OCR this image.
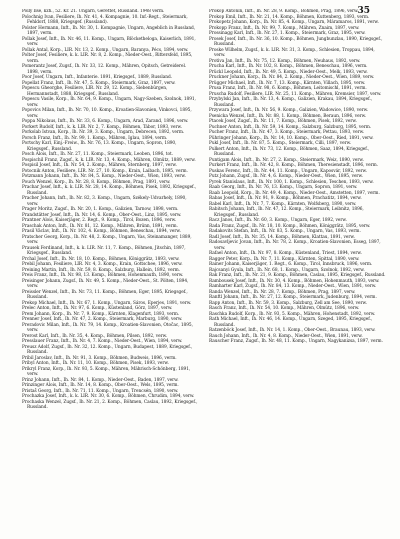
35

Polly Ilse, kzh., 52. Kr. 21. Ungarn, Gerettet, Russland. 1948 verm.

Polochnig Ivan, Fesiliere, Ih. Nr. 41, 4. Kompagnie, 10. Inf.-Regt., Steiermark, Fehldorf, 1888, Kriegsgef. (Russland).

Polster Hermann, Inft., Ih. Nr. 30, 1. Kompagnie, Ungarn, Angeblich in Russland, 1897, verm.

Pollak Josef, Inft., Ih. Nr. 46, 11. Komp., Ungarn, Blöcketheloga, Kaiserlich, 1891, verw.

Pollak Antal, Korp., LIR. Nr. 13, 2. Komp., Ungarn, Baranya, Pécs, 1894, verw.

Polter Josef, Fesiliere, k. k. LIR. Nr. 8, 2. Komp., Nieder-Oest., Rittersfeld, 1895, verm.

Pomerantz Josef, Zugsf., Ih. Nr. 33, 12. Komp., Mähren, Opitsch, Getreiderel. 1898, verm.

Poor Josef, Ungarn, Inft., Infanterie. 1891, Kriegsgef., 1889, Russland.

Popellat Franz, Inft., Ih. Nr. 47, 5. Komp., Steiermark, Graz, 1897, verw.

Popescu Gheorghe, Fesiliere, LIR. Nr. 29, 12. Komp., Siebenbürgen, Hermannstadt, 1888, Kriegsgef., Russland.

Popescu Vasile, Korp., Ih. Nr. 64, 9. Komp., Ungarn, Nagy-Szeben, Szolnok, 1891, verw.

Popovics Milan, Inft., Ih. Nr. 70, 10. Komp., Kroatien-Slavonien, Vinkovci, 1895, verw.

Poppa Nikolaus, Inft., Ih. Nr. 33, 6. Komp., Ungarn, Arad, Zarand, 1896, verw.

Porkert Rudolf, Inft., k. k. LIR. Nr. 2, 7. Komp., Böhmen, Tábor, 1893, verw.

Porkolab Istvan, Korp., Ih. Nr. 39, 3. Komp., Ungarn, Debrecen, 1892, verm.

Porsch Franz, Inft., Ih. Nr. 99, 1. Komp., Mähren, Iglau, 1894, verm.

Portschy Karl, Einj.-Freiw., Ih. Nr. 76, 13. Komp., Ungarn, Sopron, 1890, Kriegsgef., Russland.

Posch Alois, Inft., Ih. Nr. 27, 11. Komp., Steiermark, Leoben, 1896, tot.

Pospischil Franz, Zugsf., k. k. LIR. Nr. 13, 4. Komp., Mähren, Olmütz, 1889, verw.

Pospisil Josef, Inft., Ih. Nr. 54, 2. Komp., Mähren, Sternberg, 1897, verw.

Potocnik Anton, Fesiliere, LIR. Nr. 27, 10. Komp., Krain, Laibach, 1895, verm.

Potzmann Johann, Inft., Ih. Nr. 84, 5. Komp., Nieder-Oest., Wien, 1893, verw.

Pouch Wenzel, Korp., Ih. Nr. 28, 8. Komp., Böhmen, Prag, 1891, verw.

Prachar Josef, Inft., k. k. LIR. Nr. 28, 14. Komp., Böhmen, Pisek, 1892, Kriegsgef., Russland.

Pracher Johann, Inft., Ih. Nr. 82, 3. Komp., Ungarn, Székely-Udvarhely, 1890, verw.

Prager Moritz, Zugsf., Ih. Nr. 20, 1. Komp., Galizien, Tarnow, 1898, verm.

Prandstätter Josef, Inft., Ih. Nr. 14, 6. Komp., Ober-Oest., Linz, 1895, verw.

Prantner Alois, Kaiserjäger, 2. Regt., 9. Komp., Tirol, Bozen, 1896, verw.

Praschak Anton, Inft., Ih. Nr. 81, 12. Komp., Mähren, Brünn, 1891, verm.

Prasil Václav, Inft., Ih. Nr. 102, 4. Komp., Böhmen, Beneschau, 1894, verw.

Pratscher Georg, Korp., Ih. Nr. 48, 2. Komp., Ungarn, Vas, Steinamanger, 1889, verw.

Prausek Ferdinand, Inft., k. k. LIR. Nr. 11, 7. Komp., Böhmen, Jitschin, 1897, Kriegsgef., Russland.

Prchal Josef, Inft., Ih. Nr. 18, 10. Komp., Böhmen, Königgrätz, 1893, verw.

Prebil Johann, Fesiliere, LIR. Nr. 4, 3. Komp., Krain, Gottschee, 1896, verw.

Preining Martin, Inft., Ih. Nr. 59, 8. Komp., Salzburg, Hallein, 1892, verm.

Preis Franz, Inft., Ih. Nr. 98, 13. Komp., Böhmen, Hohenmauth, 1890, verw.

Preisinger Johann, Zugsf., Ih. Nr. 49, 5. Komp., Nieder-Oest., St. Pölten, 1894, verw.

Preissler Wenzel, Inft., Ih. Nr. 73, 11. Komp., Böhmen, Eger, 1895, Kriegsgef., Russland.

Prekop Michael, Inft., Ih. Nr. 67, 1. Komp., Ungarn, Sáros, Eperjes, 1891, verw.

Prelec Anton, Inft., Ih. Nr. 97, 6. Komp., Küstenland, Görz, 1897, verw.

Prem Johann, Korp., Ih. Nr. 7, 9. Komp., Kärnten, Klagenfurt, 1893, verm.

Prenner Josef, Inft., Ih. Nr. 47, 2. Komp., Steiermark, Marburg, 1890, verw.

Preradovic Milan, Inft., Ih. Nr. 79, 14. Komp., Kroatien-Slavonien, Otočac, 1895, verw.

Prerost Karl, Inft., Ih. Nr. 35, 4. Komp., Böhmen, Pilsen, 1892, verw.

Presslauer Franz, Inft., Ih. Nr. 4, 7. Komp., Nieder-Oest., Wien, 1894, verw.

Preusz Adolf, Zugsf., Ih. Nr. 32, 12. Komp., Ungarn, Budapest, 1889, Kriegsgef., Russland.

Pribil Jaroslav, Inft., Ih. Nr. 91, 3. Komp., Böhmen, Budweis, 1896, verm.

Pribyl Anton, Inft., Ih. Nr. 11, 10. Komp., Böhmen, Pisek, 1893, verw.

Prikryl Franz, Korp., Ih. Nr. 93, 5. Komp., Mähren, Mährisch-Schönberg, 1891, verw.

Prinz Johann, Inft., Ih. Nr. 84, 1. Komp., Nieder-Oest., Baden, 1897, verw.

Prinzinger Alois, Inft., Ih. Nr. 14, 8. Komp., Ober-Oest., Wels, 1895, verm.

Pristaš Georg, Inft., Ih. Nr. 71, 11. Komp., Ungarn, Trencsén, 1890, verw.

Prochazka Josef, Inft., k. k. LIR. Nr. 30, 6. Komp., Böhmen, Chrudim, 1894, verw.

Prochaska Wenzel, Zugsf., Ih. Nr. 21, 2. Komp., Böhmen, Caslau, 1892, Kriegsgef., Russland.

Prokop Antonin, Inft., Ih. Nr. 28, 9. Komp., Böhmen, Prag, 1896, verw.

Prokop Emil, Inft., Ih. Nr. 21, 14. Komp., Böhmen, Kuttenberg, 1893, verm.

Prokopetz Johann, Korp., Ih. Nr. 85, 4. Komp., Ungarn, Máramaros, 1891, verw.

Prokopp Franz, Inft., Ih. Nr. 99, 7. Komp., Mähren, Znaim, 1897, verw.

Prossinagg Karl, Inft., Ih. Nr. 27, 1. Komp., Steiermark, Graz, 1895, verw.

Prosek Josef, Inft., Ih. Nr. 36, 10. Komp., Böhmen, Jungbunzlau, 1890, Kriegsgef., Russland.

Proske Wilhelm, Zugsf., k. k. LIR. Nr. 31, 3. Komp., Schlesien, Troppau, 1894, verw.

Protiva Jan, Inft., Ih. Nr. 75, 12. Komp., Böhmen, Neuhaus, 1892, verw.

Prucha Karl, Inft., Ih. Nr. 102, 8. Komp., Böhmen, Beneschau, 1896, verm.

Prückl Leopold, Inft., Ih. Nr. 49, 5. Komp., Nieder-Oest., Melk, 1893, verw.

Pruckner Johann, Korp., Ih. Nr. 84, 2. Komp., Nieder-Oest., Wien, 1889, verw.

Prügger Michael, Inft., Ih. Nr. 7, 13. Komp., Kärnten, Villach, 1895, verw.

Prusa Franz, Inft., Ih. Nr. 98, 6. Komp., Böhmen, Leitomischl, 1891, verm.

Pruscha Rudolf, Fesiliere, LIR. Nr. 25, 11. Komp., Mähren, Kremsier, 1897, verw.

Przybylski Jan, Inft., Ih. Nr. 13, 4. Komp., Galizien, Krakau, 1894, Kriegsgef., Russland.

Przywara Josef, Inft., Ih. Nr. 56, 9. Komp., Galizien, Wadowice, 1890, verw.

Psenicka Wenzel, Inft., Ih. Nr. 88, 1. Komp., Böhmen, Beraun, 1896, verw.

Ptacek Josef, Zugsf., Ih. Nr. 11, 7. Komp., Böhmen, Pisek, 1892, verw.

Puchner Anton, Inft., Ih. Nr. 59, 14. Komp., Salzburg, Salzburg, 1895, verm.

Pucher Franz, Inft., Ih. Nr. 47, 3. Komp., Steiermark, Pettau, 1893, verw.

Pühringer Johann, Korp., Ih. Nr. 14, 10. Komp., Ober-Oest., Ried, 1891, verw.

Pukl Josef, Inft., Ih. Nr. 87, 5. Komp., Steiermark, Cilli, 1897, verw.

Pulkert Anton, Inft., Ih. Nr. 73, 12. Komp., Böhmen, Saaz, 1894, Kriegsgef., Russland.

Puntigam Alois, Inft., Ih. Nr. 27, 2. Komp., Steiermark, Weiz, 1890, verw.

Purkert Franz, Inft., Ih. Nr. 42, 8. Komp., Böhmen, Theresienstadt, 1896, verm.

Puskas Ferenc, Inft., Ih. Nr. 44, 11. Komp., Ungarn, Kaposvár, 1892, verw.

Putz Johann, Zugsf., Ih. Nr. 4, 6. Komp., Nieder-Oest., Wien, 1895, verw.

Pyrek Stanislaus, Inft., Ih. Nr. 100, 1. Komp., Schlesien, Teschen, 1893, verw.

Raab Georg, Inft., Ih. Nr. 76, 13. Komp., Ungarn, Sopron, 1891, verw.

Raab Leopold, Korp., Ih. Nr. 49, 4. Komp., Nieder-Oest., Amstetten, 1897, verm.

Rabas Josef, Inft., Ih. Nr. 91, 9. Komp., Böhmen, Prachatitz, 1894, verw.

Rabel Karl, Inft., Ih. Nr. 7, 7. Komp., Kärnten, Wolfsberg, 1890, verw.

Rabitsch Johann, Inft., Ih. Nr. 47, 12. Komp., Steiermark, Leibnitz, 1896, Kriegsgef., Russland.

Racz Janos, Inft., Ih. Nr. 60, 3. Komp., Ungarn, Eger, 1892, verw.

Rada Franz, Zugsf., Ih. Nr. 18, 10. Komp., Böhmen, Königgrätz, 1895, verw.

Radakovits Stefan, Inft., Ih. Nr. 83, 5. Komp., Ungarn, Vas, 1893, verm.

Radl Josef, Inft., Ih. Nr. 35, 14. Komp., Böhmen, Klattau, 1891, verw.

Radosavljevic Jovan, Inft., Ih. Nr. 78, 2. Komp., Kroatien-Slavonien, Esseg, 1897, verw.

Rafael Anton, Inft., Ih. Nr. 97, 8. Komp., Küstenland, Triest, 1894, verw.

Ragger Peter, Korp., Ih. Nr. 7, 11. Komp., Kärnten, Spittal, 1890, verw.

Rainer Johann, Kaiserjäger, 1. Regt., 6. Komp., Tirol, Innsbruck, 1896, verm.

Rajcsanyi Gyula, Inft., Ih. Nr. 68, 1. Komp., Ungarn, Szolnok, 1892, verw.

Rak Franz, Inft., Ih. Nr. 21, 9. Komp., Böhmen, Caslau, 1895, Kriegsgef., Russland.

Rambousek Josef, Inft., Ih. Nr. 30, 4. Komp., Böhmen, Hohenmauth, 1893, verw.

Ramharter Karl, Zugsf., Ih. Nr. 84, 13. Komp., Nieder-Oest., Wien, 1891, verw.

Randa Wenzel, Inft., Ih. Nr. 28, 7. Komp., Böhmen, Prag, 1897, verw.

Ranftl Johann, Inft., Ih. Nr. 27, 12. Komp., Steiermark, Judenburg, 1894, verm.

Rapp Anton, Inft., Ih. Nr. 59, 3. Komp., Salzburg, Zell am See, 1890, verw.

Rasch Franz, Inft., Ih. Nr. 54, 10. Komp., Mähren, Olmütz, 1896, verw.

Raschka Rudolf, Korp., Ih. Nr. 93, 5. Komp., Mähren, Hohenstadt, 1892, verw.

Rath Michael, Inft., Ih. Nr. 46, 14. Komp., Ungarn, Szeged, 1895, Kriegsgef., Russland.

Ratzenböck Josef, Inft., Ih. Nr. 14, 1. Komp., Ober-Oest., Braunau, 1893, verw.

Rauch Johann, Inft., Ih. Nr. 4, 8. Komp., Nieder-Oest., Wien, 1891, verw.

Rauscher Franz, Zugsf., Ih. Nr. 48, 11. Komp., Ungarn, Nagykanizsa, 1897, verm.
